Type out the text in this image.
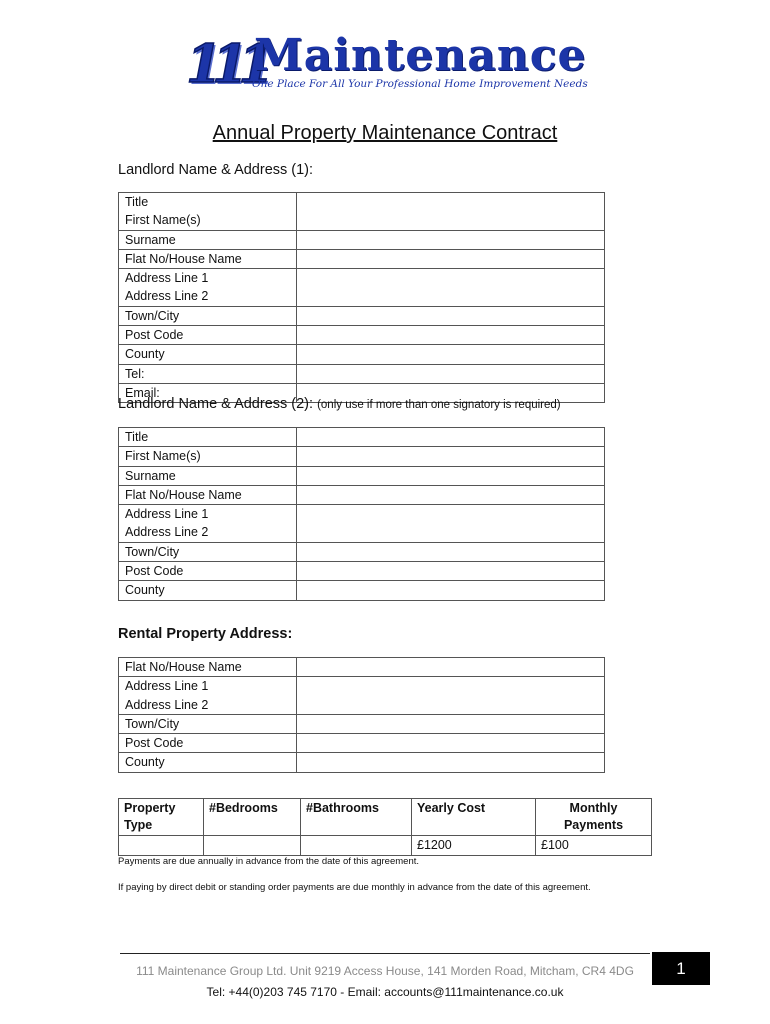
111
Maintenance
One Place For All Your Professional Home Improvement Needs
Annual Property Maintenance Contract
Landlord Name & Address (1):
Title
First Name(s)	
Surname	
Flat No/House Name	
Address Line 1
Address Line 2	
Town/City	
Post Code	
County	
Tel:	
Email:	
Landlord Name & Address (2): (only use if more than one signatory is required)
Title	
First Name(s)	
Surname	
Flat No/House Name	
Address Line 1
Address Line 2	
Town/City	
Post Code	
County	
Rental Property Address:
Flat No/House Name	
Address Line 1
Address Line 2	
Town/City	
Post Code	
County	
Property Type	#Bedrooms	#Bathrooms	Yearly Cost	Monthly Payments
			£1200	£100
Payments are due annually in advance from the date of this agreement.
If paying by direct debit or standing order payments are due monthly in advance from the date of this agreement.
1
111 Maintenance Group Ltd. Unit 9219 Access House, 141 Morden Road, Mitcham, CR4 4DG
Tel: +44(0)203 745 7170 - Email: accounts@111maintenance.co.uk
